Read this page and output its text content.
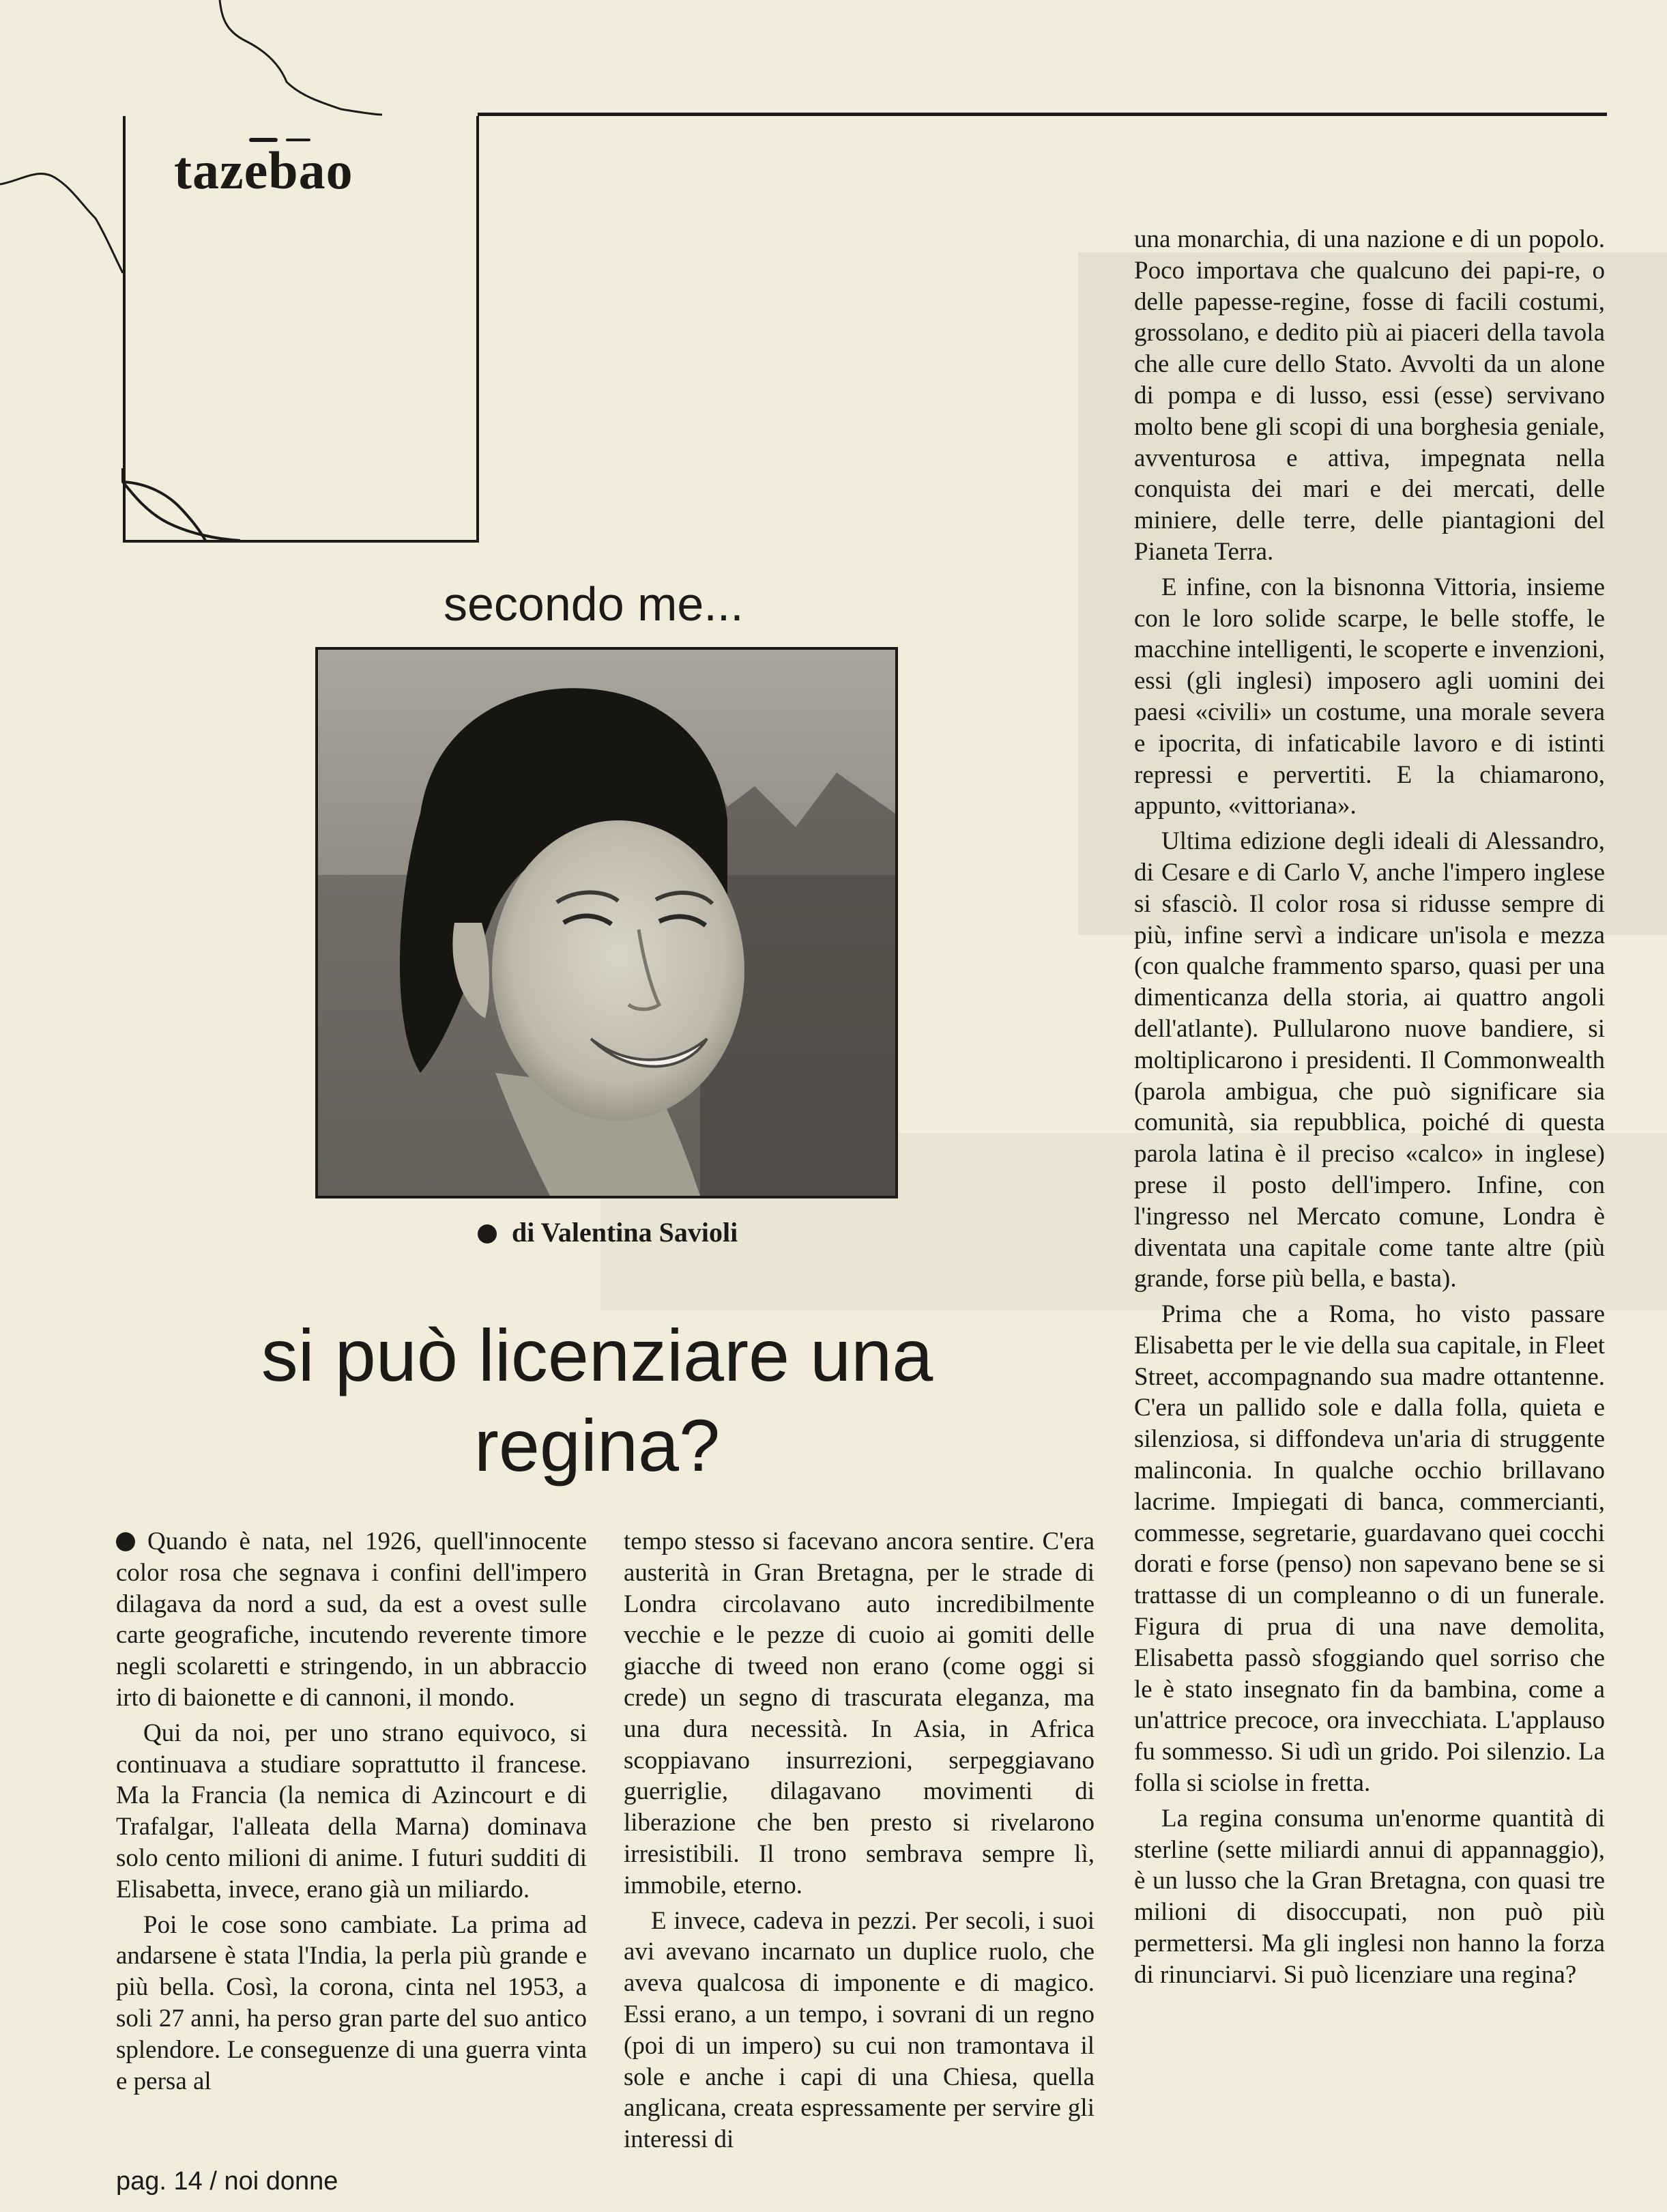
tazebao
secondo me...
di Valentina Savioli
si può licenziare una regina?

Quando è nata, nel 1926, quell'innocente color rosa che segnava i confini dell'impero dilagava da nord a sud, da est a ovest sulle carte geografiche, incutendo reverente timore negli scolaretti e stringendo, in un abbraccio irto di baionette e di cannoni, il mondo.

Qui da noi, per uno strano equivoco, si continuava a studiare soprattutto il francese. Ma la Francia (la nemica di Azincourt e di Trafalgar, l'alleata della Marna) dominava solo cento milioni di anime. I futuri sudditi di Elisabetta, invece, erano già un miliardo.

Poi le cose sono cambiate. La prima ad andarsene è stata l'India, la perla più grande e più bella. Così, la corona, cinta nel 1953, a soli 27 anni, ha perso gran parte del suo antico splendore. Le conseguenze di una guerra vinta e persa al

tempo stesso si facevano ancora sentire. C'era austerità in Gran Bretagna, per le strade di Londra circolavano auto incredibilmente vecchie e le pezze di cuoio ai gomiti delle giacche di tweed non erano (come oggi si crede) un segno di trascurata eleganza, ma una dura necessità. In Asia, in Africa scoppiavano insurrezioni, serpeggiavano guerriglie, dilagavano movimenti di liberazione che ben presto si rivelarono irresistibili. Il trono sembrava sempre lì, immobile, eterno.

E invece, cadeva in pezzi. Per secoli, i suoi avi avevano incarnato un duplice ruolo, che aveva qualcosa di imponente e di magico. Essi erano, a un tempo, i sovrani di un regno (poi di un impero) su cui non tramontava il sole e anche i capi di una Chiesa, quella anglicana, creata espressamente per servire gli interessi di

una monarchia, di una nazione e di un popolo. Poco importava che qualcuno dei papi-re, o delle papesse-regine, fosse di facili costumi, grossolano, e dedito più ai piaceri della tavola che alle cure dello Stato. Avvolti da un alone di pompa e di lusso, essi (esse) servivano molto bene gli scopi di una borghesia geniale, avventurosa e attiva, impegnata nella conquista dei mari e dei mercati, delle miniere, delle terre, delle piantagioni del Pianeta Terra.

E infine, con la bisnonna Vittoria, insieme con le loro solide scarpe, le belle stoffe, le macchine intelligenti, le scoperte e invenzioni, essi (gli inglesi) imposero agli uomini dei paesi «civili» un costume, una morale severa e ipocrita, di infaticabile lavoro e di istinti repressi e pervertiti. E la chiamarono, appunto, «vittoriana».

Ultima edizione degli ideali di Alessandro, di Cesare e di Carlo V, anche l'impero inglese si sfasciò. Il color rosa si ridusse sempre di più, infine servì a indicare un'isola e mezza (con qualche frammento sparso, quasi per una dimenticanza della storia, ai quattro angoli dell'atlante). Pullularono nuove bandiere, si moltiplicarono i presidenti. Il Commonwealth (parola ambigua, che può significare sia comunità, sia repubblica, poiché di questa parola latina è il preciso «calco» in inglese) prese il posto dell'impero. Infine, con l'ingresso nel Mercato comune, Londra è diventata una capitale come tante altre (più grande, forse più bella, e basta).

Prima che a Roma, ho visto passare Elisabetta per le vie della sua capitale, in Fleet Street, accompagnando sua madre ottantenne. C'era un pallido sole e dalla folla, quieta e silenziosa, si diffondeva un'aria di struggente malinconia. In qualche occhio brillavano lacrime. Impiegati di banca, commercianti, commesse, segretarie, guardavano quei cocchi dorati e forse (penso) non sapevano bene se si trattasse di un compleanno o di un funerale. Figura di prua di una nave demolita, Elisabetta passò sfoggiando quel sorriso che le è stato insegnato fin da bambina, come a un'attrice precoce, ora invecchiata. L'applauso fu sommesso. Si udì un grido. Poi silenzio. La folla si sciolse in fretta.

La regina consuma un'enorme quantità di sterline (sette miliardi annui di appannaggio), è un lusso che la Gran Bretagna, con quasi tre milioni di disoccupati, non può più permettersi. Ma gli inglesi non hanno la forza di rinunciarvi. Si può licenziare una regina?

pag. 14 / noi donne
